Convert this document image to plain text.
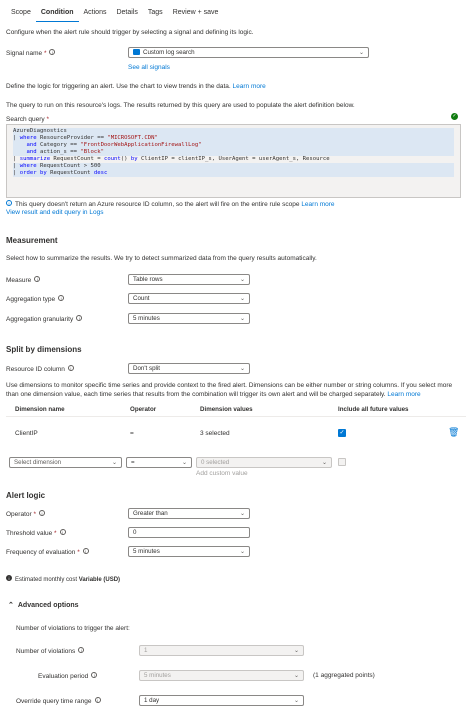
Scope	Condition	Actions	Details	Tags	Review + save
Configure when the alert rule should trigger by selecting a signal and defining its logic.
Signal name * i	Custom log search	⌄
See all signals
Define the logic for triggering an alert. Use the chart to view trends in the data. Learn more
The query to run on this resource's logs. The results returned by this query are used to populate the alert definition below.
Search query *	✓
AzureDiagnostics
| where ResourceProvider == "MICROSOFT.CDN"
and Category == "FrontDoorWebApplicationFirewallLog"
and action_s == "Block"
| summarize RequestCount = count() by ClientIP = clientIP_s, UserAgent = userAgent_s, Resource
| where RequestCount > 500
| order by RequestCount desc
i This query doesn't return an Azure resource ID column, so the alert will fire on the entire rule scope Learn more
View result and edit query in Logs
Measurement
Select how to summarize the results. We try to detect summarized data from the query results automatically.
Measure i	Table rows	⌄
Aggregation type i	Count	⌄
Aggregation granularity i	5 minutes	⌄
Split by dimensions
Resource ID column i	Don't split	⌄
Use dimensions to monitor specific time series and provide context to the fired alert. Dimensions can be either number or string columns. If you select more than one dimension value, each time series that results from the combination will trigger its own alert and will be charged separately. Learn more
Dimension name	Operator	Dimension values	Include all future values
ClientIP	=	3 selected	✓	🗑
Select dimension	⌄	=	⌄	0 selected	⌄
Add custom value
Alert logic
Operator * i	Greater than	⌄
Threshold value * i	0
Frequency of evaluation * i	5 minutes	⌄
i Estimated monthly cost Variable (USD)
⌃ Advanced options
Number of violations to trigger the alert:
Number of violations i	1	⌄
Evaluation period i	5 minutes	⌄ (1 aggregated points)
Override query time range i	1 day	⌄
